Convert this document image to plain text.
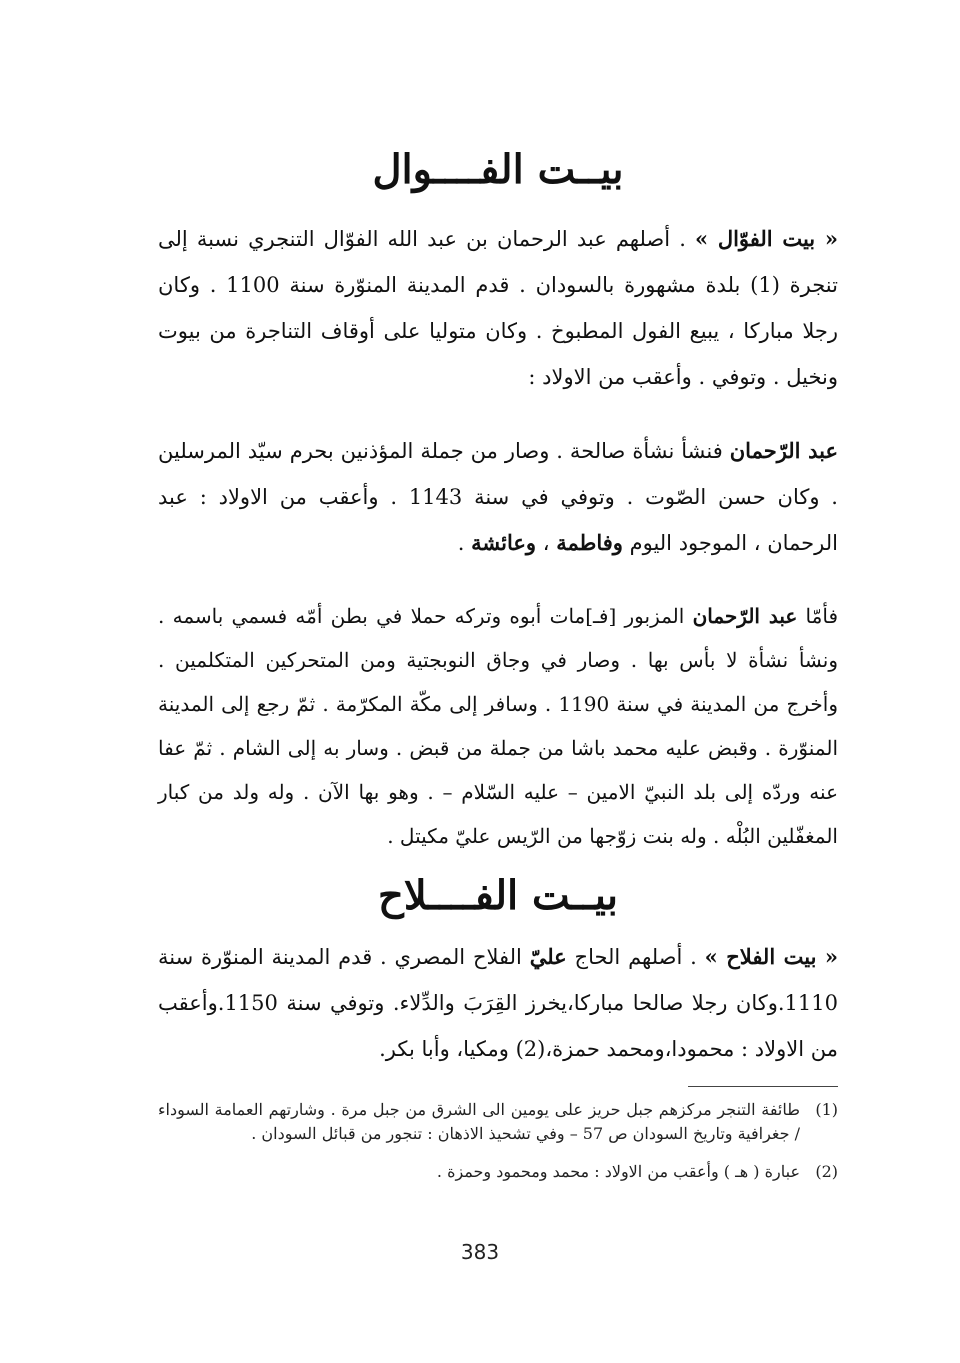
بيــت الفــــوال

« بيت الفوّال » . أصلهم عبد الرحمان بن عبد الله الفوّال التنجري نسبة إلى تنجرة (1) بلدة مشهورة بالسودان . قدم المدينة المنوّرة سنة 1100 . وكان رجلا مباركا ، يبيع الفول المطبوخ . وكان متوليا على أوقاف التناجرة من بيوت ونخيل . وتوفي . وأعقب من الاولاد :

عبد الرّحمان فنشأ نشأة صالحة . وصار من جملة المؤذنين بحرم سيّد المرسلين . وكان حسن الصّوت . وتوفي في سنة 1143 . وأعقب من الاولاد : عبد الرحمان ، الموجود اليوم وفاطمة ، وعائشة .

فأمّا عبد الرّحمان المزبور [فـ]مات أبوه وتركه حملا في بطن أمّه فسمي باسمه . ونشأ نشأة لا بأس بها . وصار في وجاق النوبجتية ومن المتحركين المتكلمين . وأخرج من المدينة في سنة 1190 . وسافر إلى مكّة المكرّمة . ثمّ رجع إلى المدينة المنوّرة . وقبض عليه محمد باشا من جملة من قبض . وسار به إلى الشام . ثمّ عفا عنه وردّه إلى بلد النبيّ الامين – عليه السّلام – . وهو بها الآن . وله ولد من كبار المغفّلين البُلْه . وله بنت زوّجها من الرّيس عليّ مكيتل .

بيــت الفــــلاح

« بيت الفلاح » . أصلهم الحاج عليّ الفلاح المصري . قدم المدينة المنوّرة سنة 1110.وكان رجلا صالحا مباركا،يخرز القِرَبَ والدِّلاء. وتوفي سنة 1150.وأعقب من الاولاد : محمودا،ومحمد حمزة،(2) ومكيا، وأبا بكر.

(1)
طائفة التنجر مركزهم جبل حريز على يومين الى الشرق من جبل مرة . وشارتهم العمامة السوداء / جغرافية وتاريخ السودان ص 57 – وفي تشحيذ الاذهان : تنجور من قبائل السودان .

(2)
عبارة ( هـ ) وأعقب من الاولاد : محمد ومحمود وحمزة .

383
